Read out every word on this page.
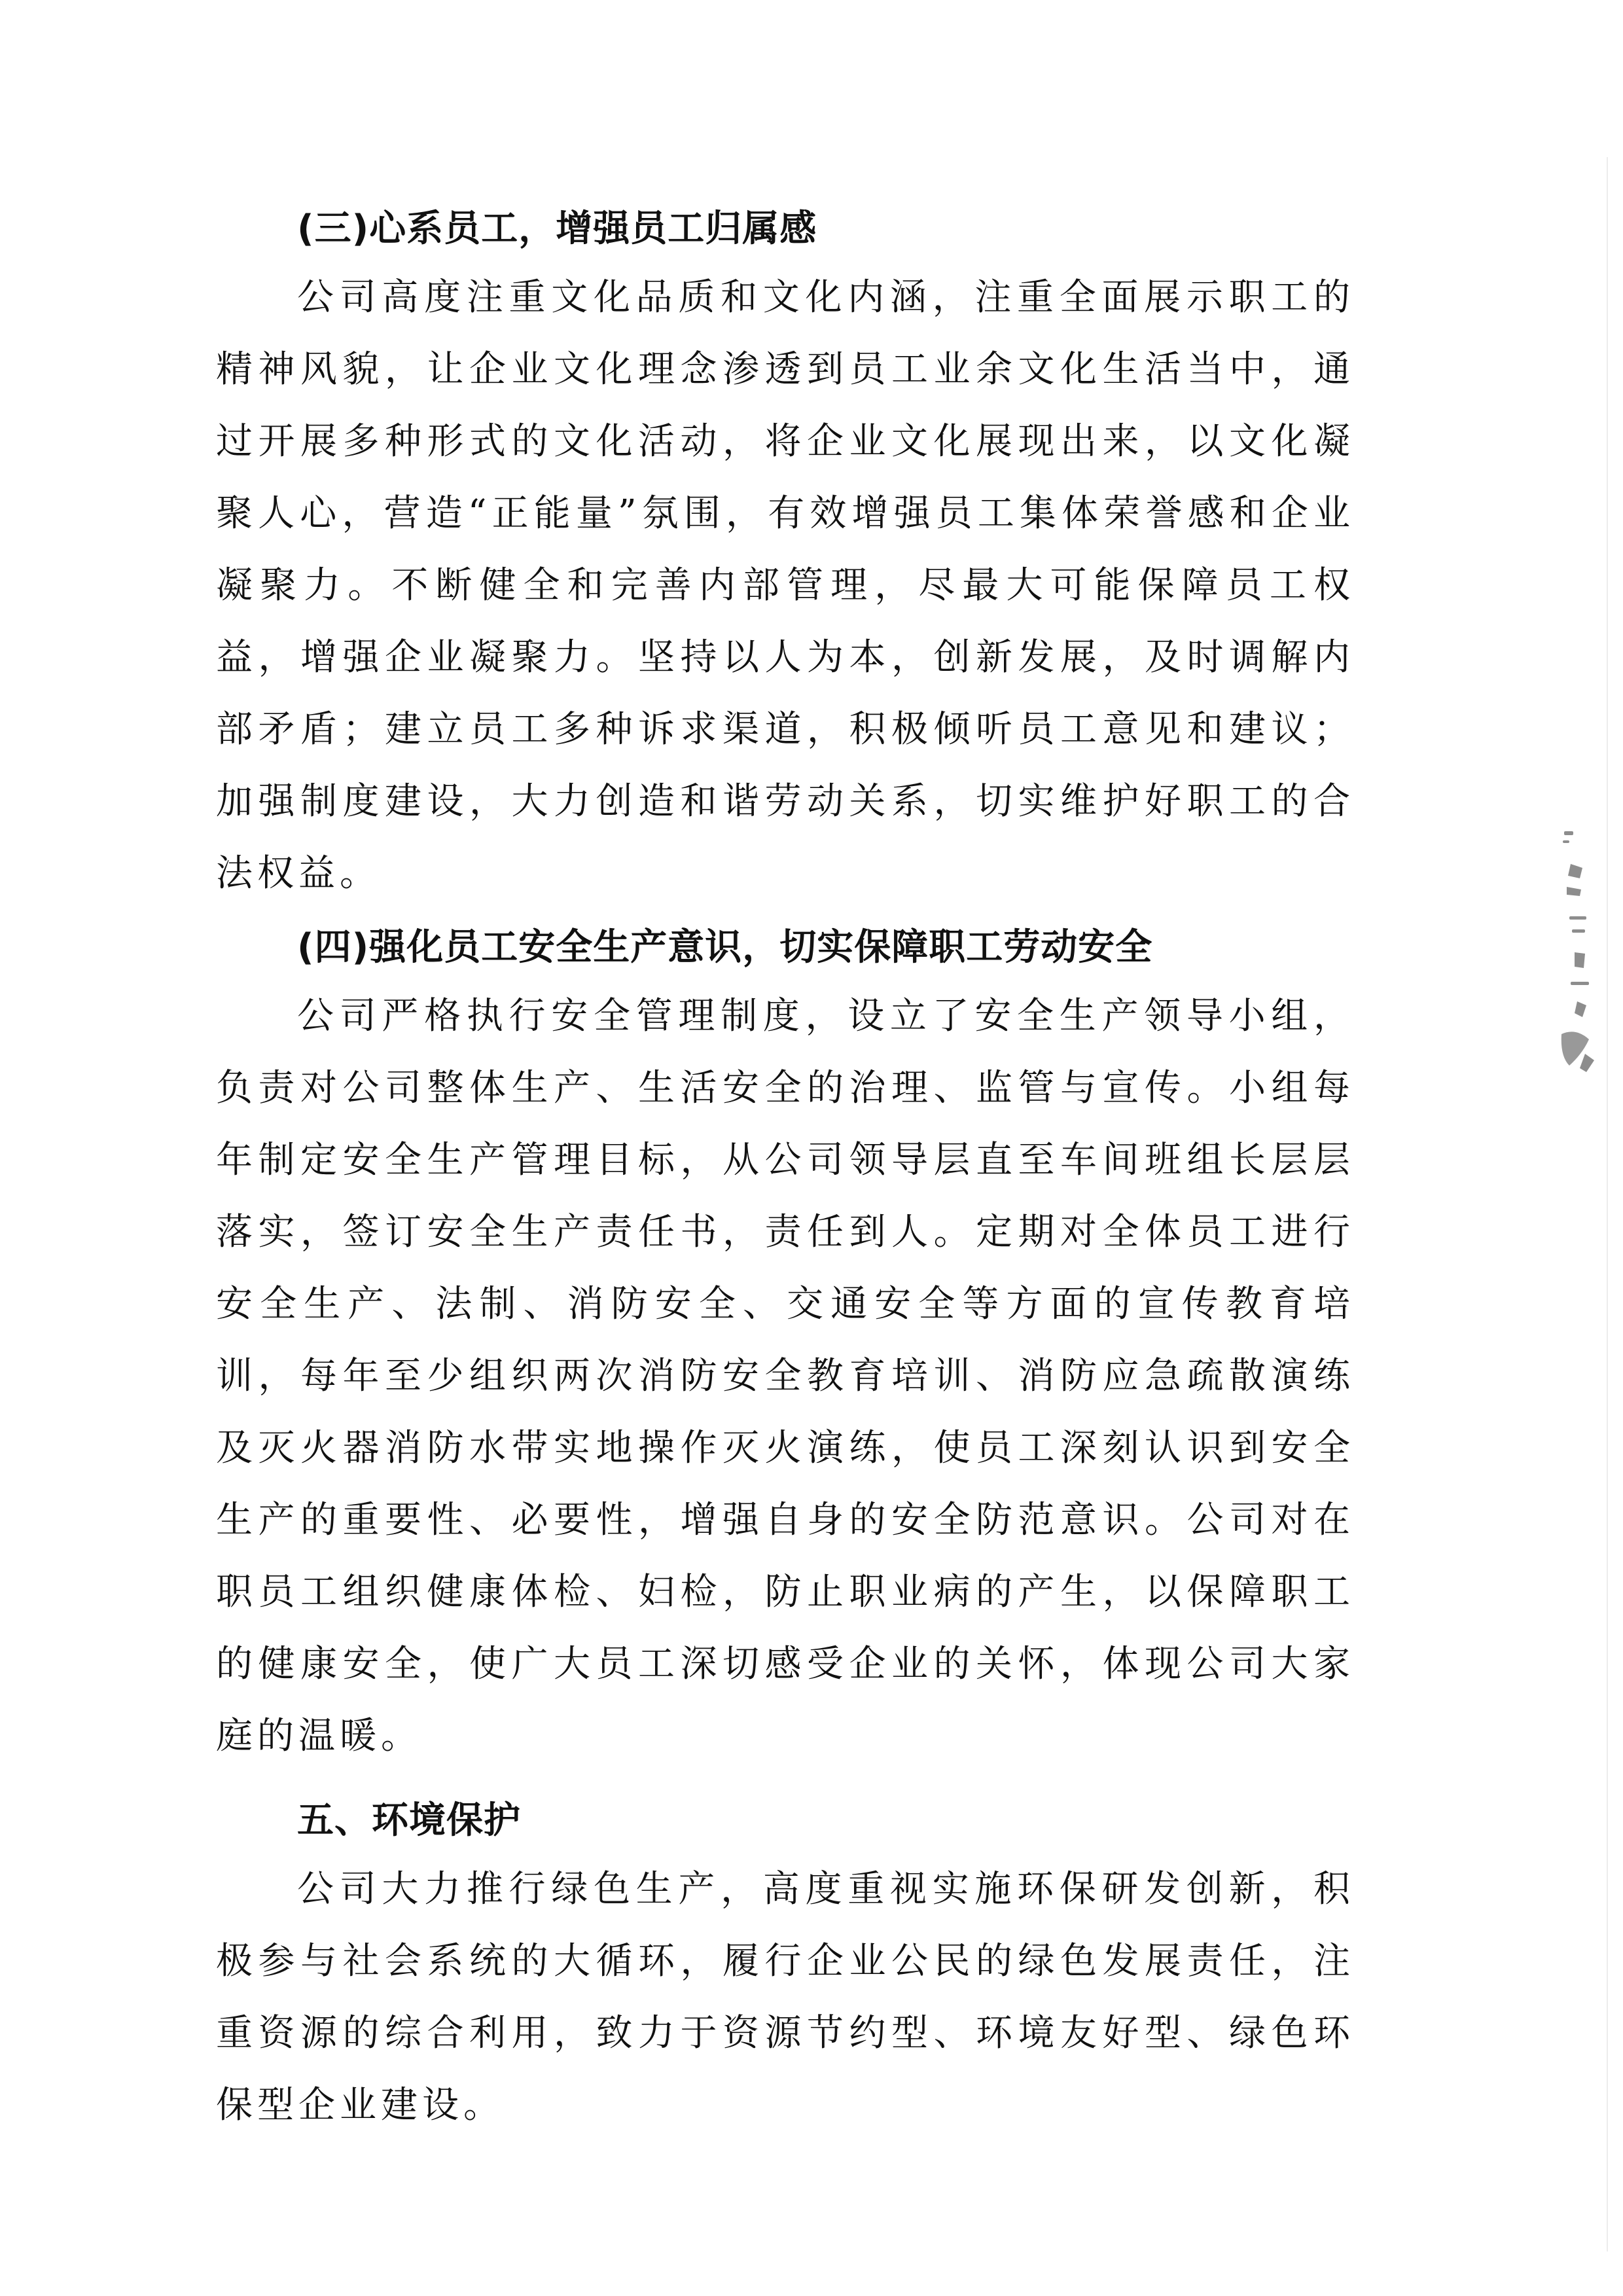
(三)心系员工，增强员工归属感

公司高度注重文化品质和文化内涵，注重全面展示职工的精神风貌，让企业文化理念渗透到员工业余文化生活当中，通过开展多种形式的文化活动，将企业文化展现出来，以文化凝聚人心，营造“正能量”氛围，有效增强员工集体荣誉感和企业凝聚力。不断健全和完善内部管理，尽最大可能保障员工权益，增强企业凝聚力。坚持以人为本，创新发展，及时调解内部矛盾；建立员工多种诉求渠道，积极倾听员工意见和建议；加强制度建设，大力创造和谐劳动关系，切实维护好职工的合法权益。

(四)强化员工安全生产意识，切实保障职工劳动安全

公司严格执行安全管理制度，设立了安全生产领导小组，负责对公司整体生产、生活安全的治理、监管与宣传。小组每年制定安全生产管理目标，从公司领导层直至车间班组长层层落实，签订安全生产责任书，责任到人。定期对全体员工进行安全生产、法制、消防安全、交通安全等方面的宣传教育培训，每年至少组织两次消防安全教育培训、消防应急疏散演练及灭火器消防水带实地操作灭火演练，使员工深刻认识到安全生产的重要性、必要性，增强自身的安全防范意识。公司对在职员工组织健康体检、妇检，防止职业病的产生，以保障职工的健康安全，使广大员工深切感受企业的关怀，体现公司大家庭的温暖。

五、环境保护

公司大力推行绿色生产，高度重视实施环保研发创新，积极参与社会系统的大循环，履行企业公民的绿色发展责任，注重资源的综合利用，致力于资源节约型、环境友好型、绿色环保型企业建设。
